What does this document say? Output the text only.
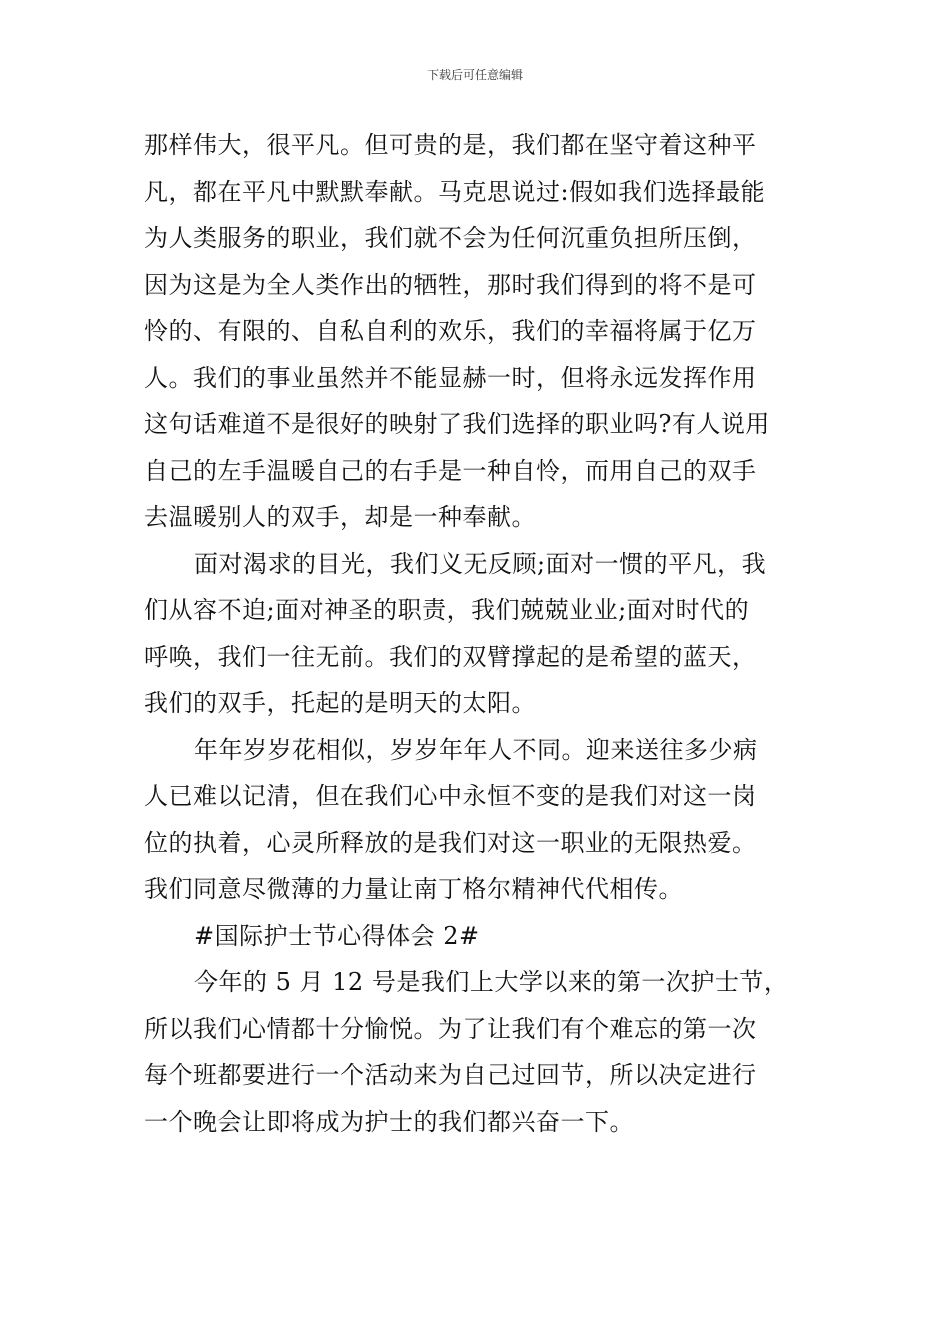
下载后可任意编辑
那样伟大，很平凡。但可贵的是，我们都在坚守着这种平
凡，都在平凡中默默奉献。马克思说过:假如我们选择最能
为人类服务的职业，我们就不会为任何沉重负担所压倒，
因为这是为全人类作出的牺牲，那时我们得到的将不是可
怜的、有限的、自私自利的欢乐，我们的幸福将属于亿万
人。我们的事业虽然并不能显赫一时，但将永远发挥作用
这句话难道不是很好的映射了我们选择的职业吗?有人说用
自己的左手温暖自己的右手是一种自怜，而用自己的双手
去温暖别人的双手，却是一种奉献。
面对渴求的目光，我们义无反顾;面对一惯的平凡，我
们从容不迫;面对神圣的职责，我们兢兢业业;面对时代的
呼唤，我们一往无前。我们的双臂撑起的是希望的蓝天，
我们的双手，托起的是明天的太阳。
年年岁岁花相似，岁岁年年人不同。迎来送往多少病
人已难以记清，但在我们心中永恒不变的是我们对这一岗
位的执着，心灵所释放的是我们对这一职业的无限热爱。
我们同意尽微薄的力量让南丁格尔精神代代相传。
#国际护士节心得体会 2#
今年的 5 月 12 号是我们上大学以来的第一次护士节，
所以我们心情都十分愉悦。为了让我们有个难忘的第一次
每个班都要进行一个活动来为自己过回节，所以决定进行
一个晚会让即将成为护士的我们都兴奋一下。
